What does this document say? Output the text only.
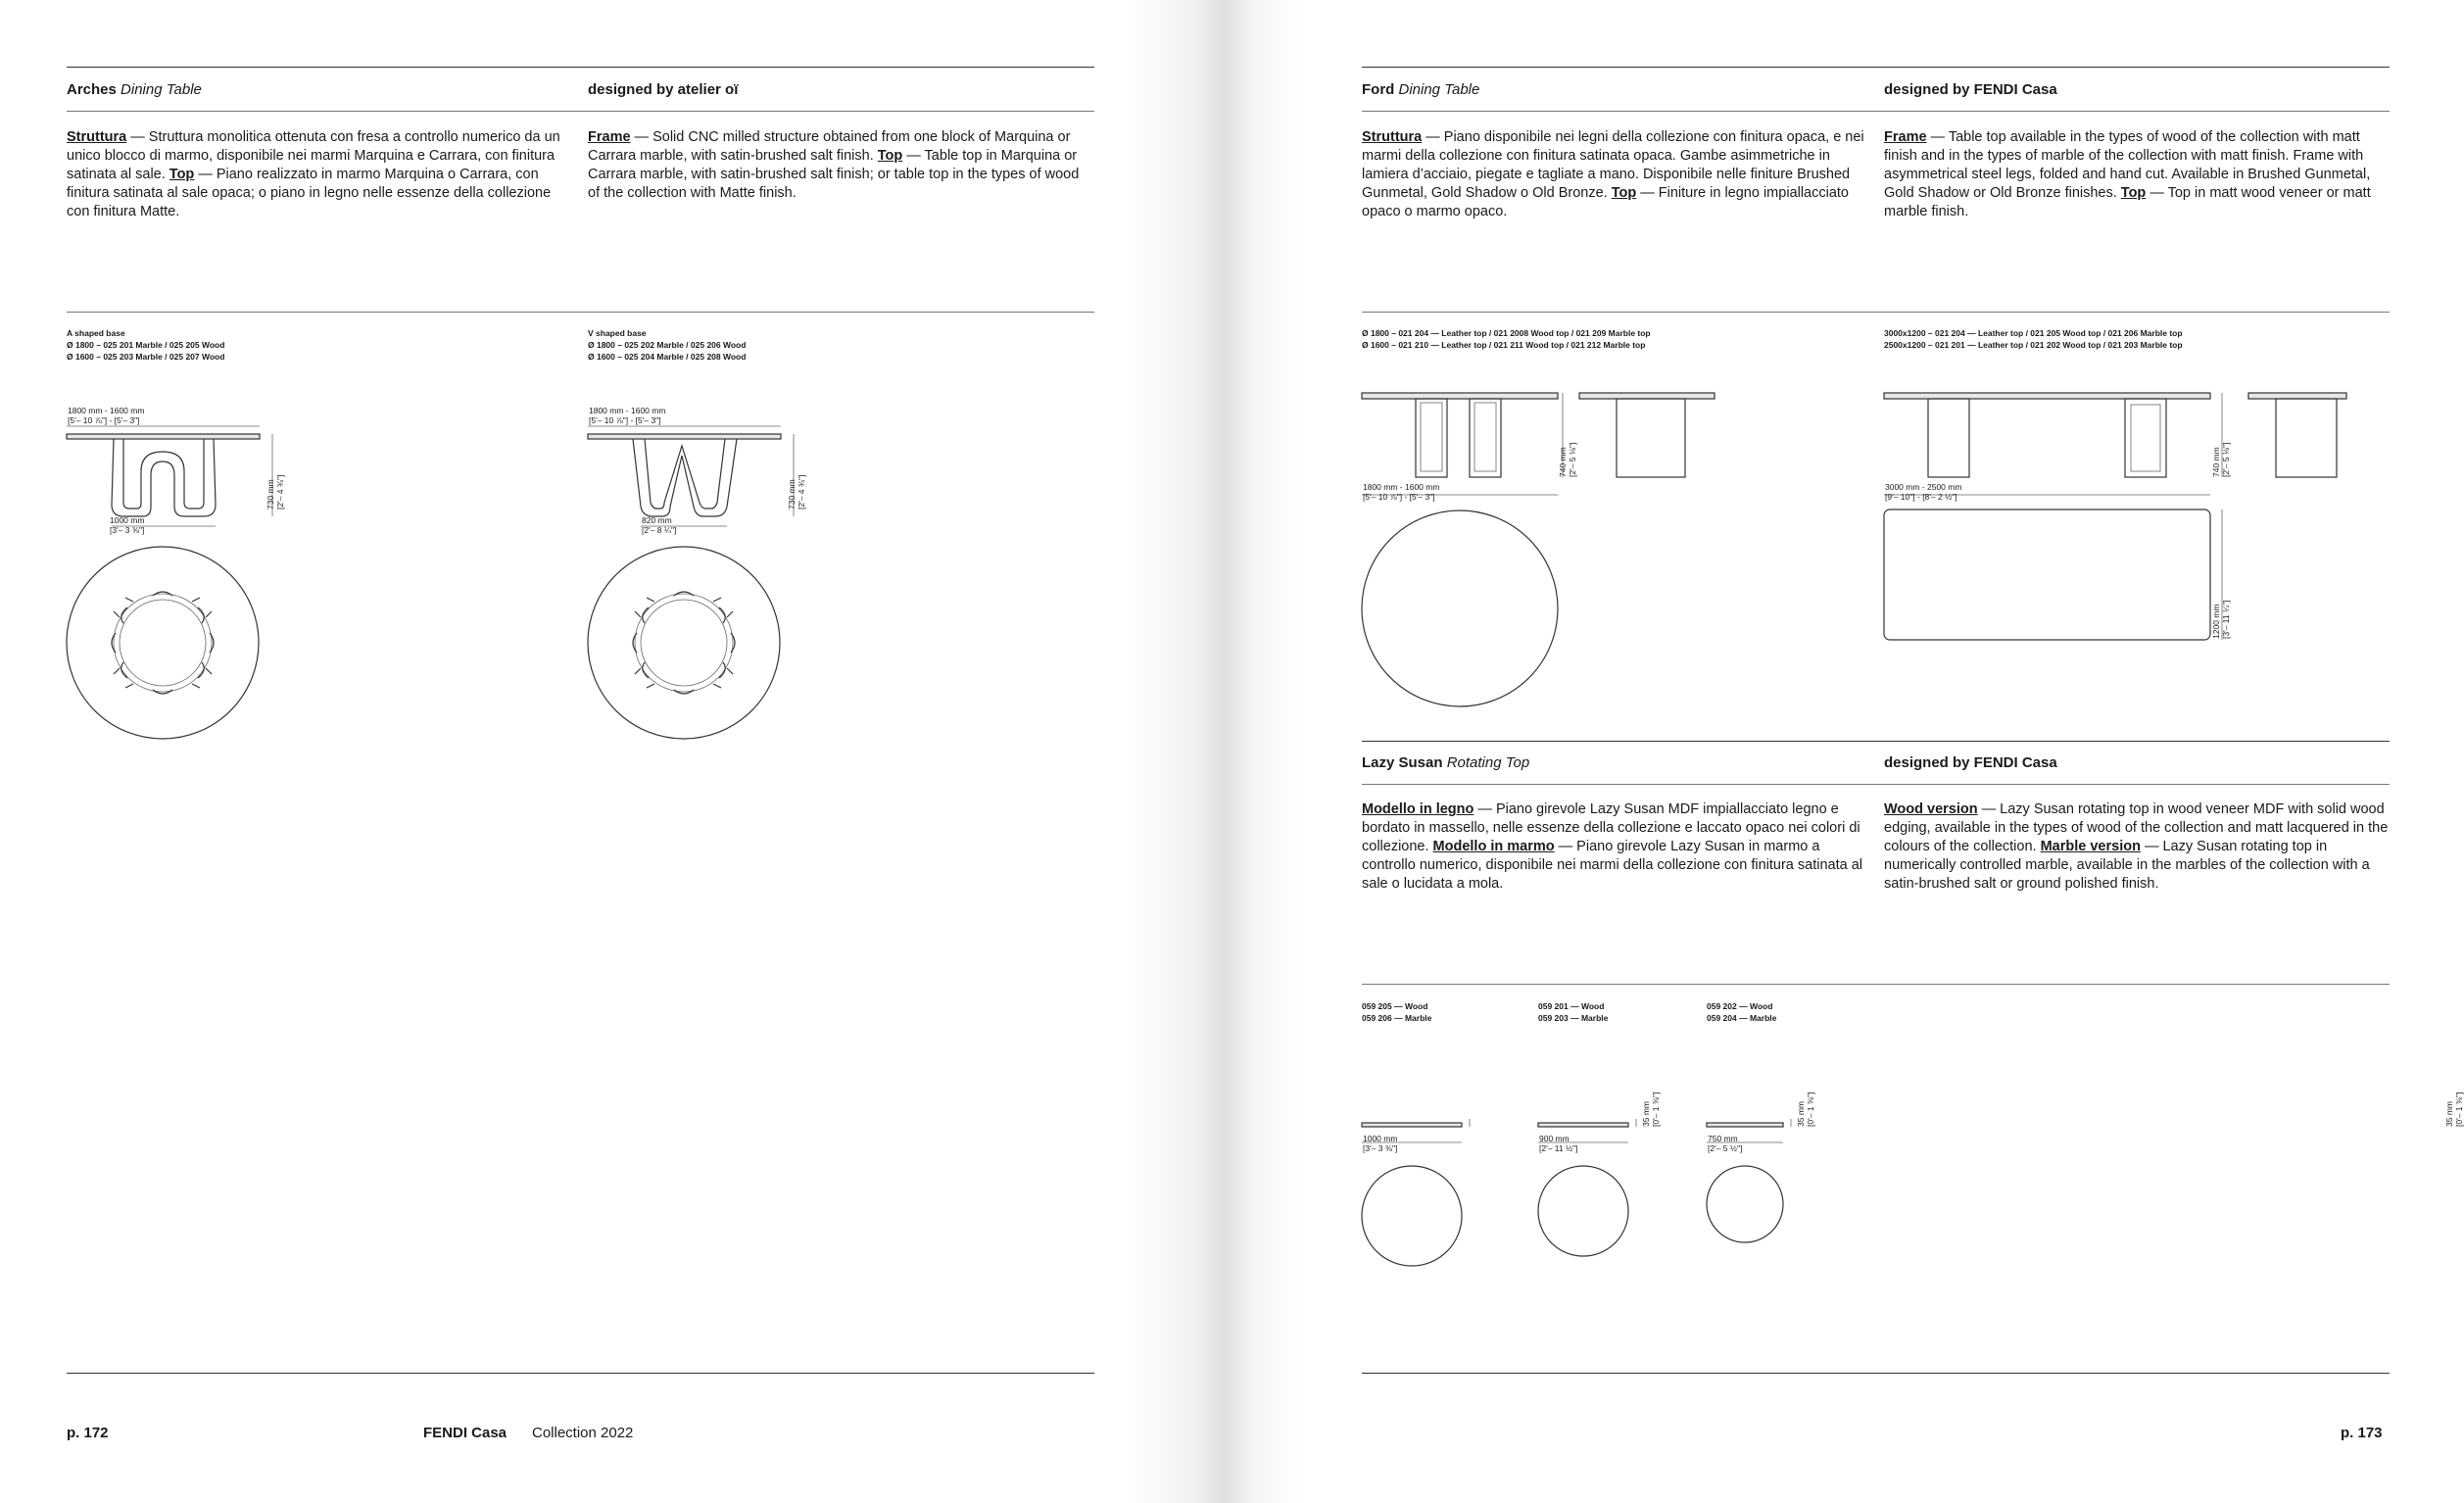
Arches Dining Table	designed by atelier oï
Struttura — Struttura monolitica ottenuta con fresa a controllo numerico da un unico blocco di marmo, disponibile nei marmi Marquina e Carrara, con finitura satinata al sale. Top — Piano realizzato in marmo Marquina o Carrara, con finitura satinata al sale opaca; o piano in legno nelle essenze della collezione con finitura Matte.
Frame — Solid CNC milled structure obtained from one block of Marquina or Carrara marble, with satin-brushed salt finish. Top — Table top in Marquina or Carrara marble, with satin-brushed salt finish; or table top in the types of wood of the collection with Matte finish.
A shaped base
Ø 1800 – 025 201 Marble / 025 205 Wood
Ø 1600 – 025 203 Marble / 025 207 Wood
1800 mm - 1600 mm
[5'– 10 ⅞"] - [5'– 3"]
730 mm [2'– 4 ¾"]
1000 mm
[3'– 3 ⅜"]
V shaped base
Ø 1800 – 025 202 Marble / 025 206 Wood
Ø 1600 – 025 204 Marble / 025 208 Wood
1800 mm - 1600 mm
[5'– 10 ⅞"] - [5'– 3"]
730 mm [2'– 4 ¾"]
820 mm
[2'– 8 ¼"]
p. 172	FENDI Casa Collection 2022
Ford Dining Table	designed by FENDI Casa
Struttura — Piano disponibile nei legni della collezione con finitura opaca, e nei marmi della collezione con finitura satinata opaca. Gambe asimmetriche in lamiera d’acciaio, piegate e tagliate a mano. Disponibile nelle finiture Brushed Gunmetal, Gold Shadow o Old Bronze. Top — Finiture in legno impiallacciato opaco o marmo opaco.
Frame — Table top available in the types of wood of the collection with matt finish and in the types of marble of the collection with matt finish. Frame with asymmetrical steel legs, folded and hand cut. Available in Brushed Gunmetal, Gold Shadow or Old Bronze finishes. Top — Top in matt wood veneer or matt marble finish.
Ø 1800 – 021 204 — Leather top / 021 2008 Wood top / 021 209 Marble top
Ø 1600 – 021 210 — Leather top / 021 211 Wood top / 021 212 Marble top
740 mm [2'– 5 ⅛"]
1800 mm - 1600 mm
[5'– 10 ⅞"] - [5'– 3"]
3000x1200 – 021 204 — Leather top / 021 205 Wood top / 021 206 Marble top
2500x1200 – 021 201 — Leather top / 021 202 Wood top / 021 203 Marble top
740 mm [2'– 5 ⅛"]
3000 mm - 2500 mm
[9'– 10"] - [8'– 2 ½"]
1200 mm [3'– 11 ¼"]
Lazy Susan Rotating Top	designed by FENDI Casa
Modello in legno — Piano girevole Lazy Susan MDF impiallacciato legno e bordato in massello, nelle essenze della collezione e laccato opaco nei colori di collezione. Modello in marmo — Piano girevole Lazy Susan in marmo a controllo numerico, disponibile nei marmi della collezione con finitura satinata al sale o lucidata a mola.
Wood version — Lazy Susan rotating top in wood veneer MDF with solid wood edging, available in the types of wood of the collection and matt lacquered in the colours of the collection. Marble version — Lazy Susan rotating top in numerically controlled marble, available in the marbles of the collection with a satin-brushed salt or ground polished finish.
059 205 — Wood
059 206 — Marble
35 mm [0'– 1 ⅜"]
1000 mm
[3'– 3 ⅜"]
059 201 — Wood
059 203 — Marble
35 mm [0'– 1 ⅜"]
900 mm
[2'– 11 ½"]
059 202 — Wood
059 204 — Marble
35 mm [0'– 1 ⅜"]
750 mm
[2'– 5 ½"]
p. 173
